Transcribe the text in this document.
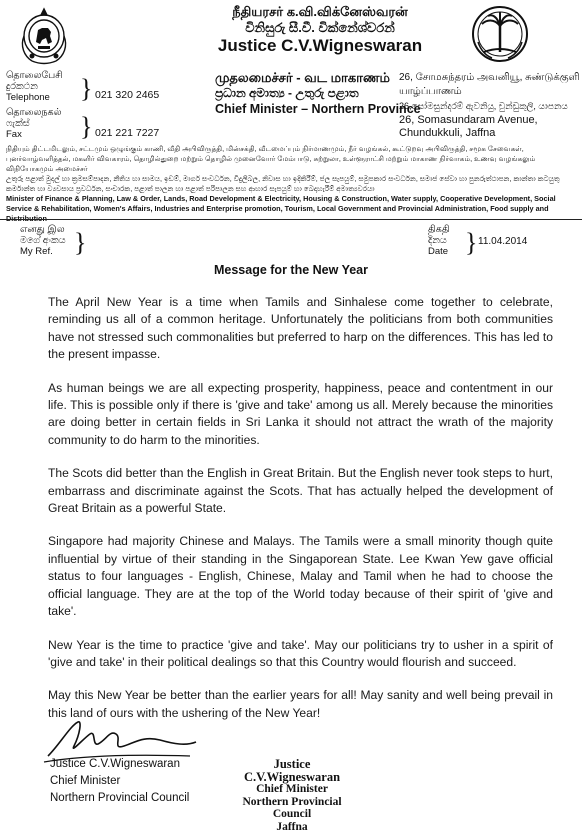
நீதியரசர் க.வி.விக்னேஸ்வரன்
විනිසුරු සී.වී. වික්නේශ්වරන්
Justice C.V.Wigneswaran
முதலமைச்சர் - வட மாகாணம்
ප්‍රධාන අමාත්‍ය - උතුරු පළාත
Chief Minister – Northern Province
தொலைபேசி
දුරකථන
Telephone	} 021 320 2465
தொலைநகல்
ෆැක්ස්
Fax	} 021 221 7227
26, சோமசுந்தரம் அவனியூ, சுண்டுக்குளி
யாழ்ப்பாணம்
26,සෝමසුන්දරම් ඇවනියු, චුන්ඩුකුලි, යාපනය
26, Somasundaram Avenue,
Chundukkuli, Jaffna
நிதியும் திட்டமிடலும், சட்டமும் ஒழுங்கும் காணி, வீதி அபிவிருத்தி, மின்சக்தி, வீடமைப்பும் நிர்மாணமும், நீர் வழங்கல், கூட்டுறவு அபிவிருத்தி, சமூக சேவைகள், புனர்வாழ்வளித்தல், மகளிர் விவகாரம், தொழில்துறை மற்றும் தொழில் முனைவோர் மேம்பாடு, சுற்றுலா, உள்ளூராட்சி மற்றும் மாகாண நிர்வாகம், உணவு வழங்கலும் விநியோகமும் அமைச்சர்
උතුරු පළාත් මුදල් හා ක්‍රමසම්පාදන, නීතිය හා සාමය, ඉඩම්, මාර්ග සංවර්ධන, විදුලිබල, නිවාස හා ඉදිකිරීම්, ජල සැපයුම්, සමුපකාර සංවර්ධන, සමාජ සේවා හා පුනරුත්ථාපන, කාන්තා කටයුතු කර්මාන්ත හා ව්‍යවසාය ප්‍රවර්ධන, සංචාරක, පළාත් පාලන හා පළාත් පරිපාලන සහ ආහාර සැපයුම් හා බෙදාහැරීම් අමාත්‍යවරයා
Minister of Finance & Planning, Law & Order, Lands, Road Development & Electricity, Housing & Construction, Water supply, Cooperative Development, Social Service & Rehabilitation, Women's Affairs, Industries and Enterprise promotion, Tourism, Local Government and Provincial Administration, Food supply and Distribution
எனது இல
මගේ අංකය
My Ref. }	திகதி
දිනය
Date } 11.04.2014
Message for the New Year

The April New Year is a time when Tamils and Sinhalese come together to celebrate, reminding us all of a common heritage. Unfortunately the politicians from both communities have not stressed such commonalities but preferred to harp on the differences. This has led to the present impasse.

As human beings we are all expecting prosperity, happiness, peace and contentment in our life. This is possible only if there is 'give and take' among us all. Merely because the minorities are doing better in certain fields in Sri Lanka it should not attract the wrath of the majority community to do harm to the minorities.

The Scots did better than the English in Great Britain. But the English never took steps to hurt, embarrass and discriminate against the Scots. That has actually helped the development of Great Britain as a powerful State.

Singapore had majority Chinese and Malays. The Tamils were a small minority though quite influential by virtue of their standing in the Singaporean State. Lee Kwan Yew gave official status to four languages - English, Chinese, Malay and Tamil when he had to choose the official language. They are at the top of the World today because of their spirit of 'give and take'.

New Year is the time to practice 'give and take'. May our politicians try to usher in a spirit of 'give and take' in their political dealings so that this Country would flourish and succeed.

May this New Year be better than the earlier years for all! May sanity and well being prevail in this land of ours with the ushering of the New Year!

Justice C.V.Wigneswaran
Chief Minister
Northern Provincial Council
Justice C.V.Wigneswaran
Chief Minister
Northern Provincial Council
Jaffna
